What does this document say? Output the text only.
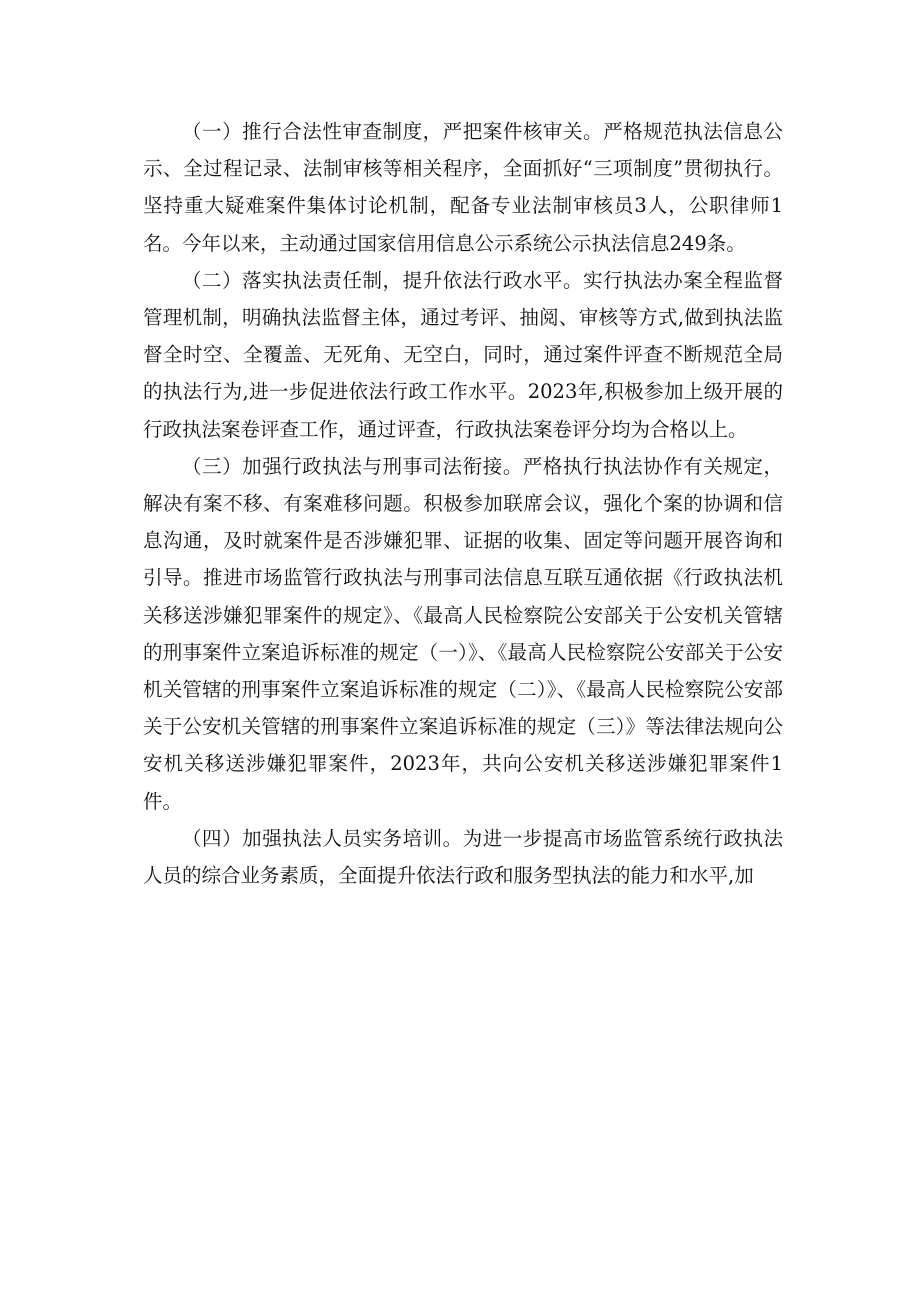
（一）推行合法性审查制度，严把案件核审关。严格规范执法信息公示、全过程记录、法制审核等相关程序，全面抓好“三项制度”贯彻执行。坚持重大疑难案件集体讨论机制，配备专业法制审核员3人，公职律师1名。今年以来，主动通过国家信用信息公示系统公示执法信息249条。

（二）落实执法责任制，提升依法行政水平。实行执法办案全程监督管理机制，明确执法监督主体，通过考评、抽阅、审核等方式,做到执法监督全时空、全覆盖、无死角、无空白，同时，通过案件评查不断规范全局的执法行为,进一步促进依法行政工作水平。2023年,积极参加上级开展的行政执法案卷评查工作，通过评查，行政执法案卷评分均为合格以上。

（三）加强行政执法与刑事司法衔接。严格执行执法协作有关规定，解决有案不移、有案难移问题。积极参加联席会议，强化个案的协调和信息沟通，及时就案件是否涉嫌犯罪、证据的收集、固定等问题开展咨询和引导。推进市场监管行政执法与刑事司法信息互联互通依据《行政执法机关移送涉嫌犯罪案件的规定》、《最高人民检察院公安部关于公安机关管辖的刑事案件立案追诉标准的规定（一）》、《最高人民检察院公安部关于公安机关管辖的刑事案件立案追诉标准的规定（二）》、《最高人民检察院公安部关于公安机关管辖的刑事案件立案追诉标准的规定（三）》等法律法规向公安机关移送涉嫌犯罪案件，2023年，共向公安机关移送涉嫌犯罪案件1件。

（四）加强执法人员实务培训。为进一步提高市场监管系统行政执法人员的综合业务素质，全面提升依法行政和服务型执法的能力和水平,加
